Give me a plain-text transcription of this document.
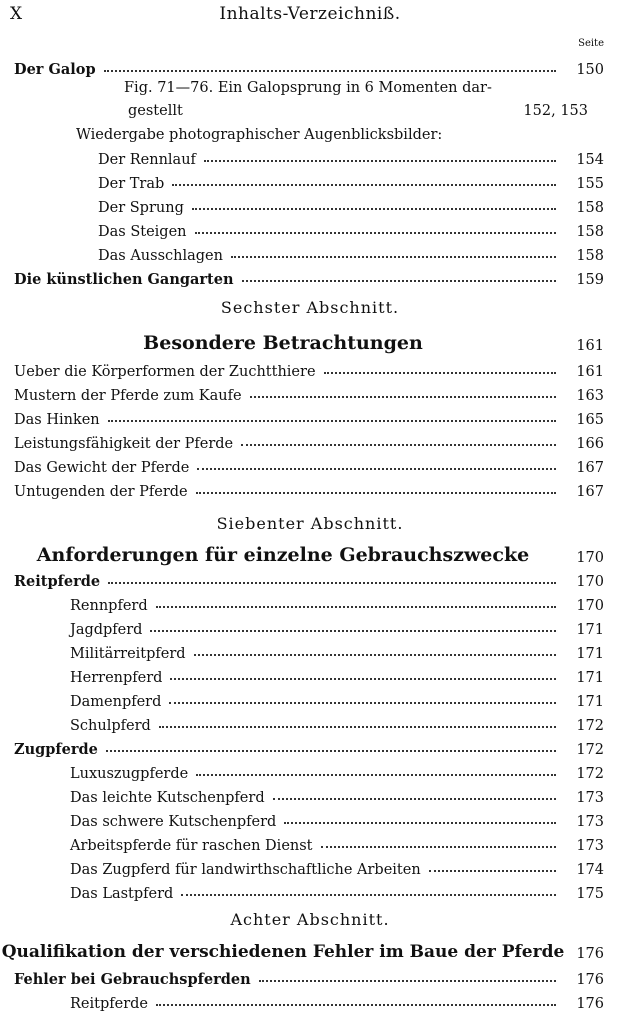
X	Inhalts-Verzeichniß.
Seite
Der Galop	150
Fig. 71—76. Ein Galopsprung in 6 Momenten dar-
gestellt	152, 153
Wiedergabe photographischer Augenblicksbilder:
Der Rennlauf	154
Der Trab	155
Der Sprung	158
Das Steigen	158
Das Ausschlagen	158
Die künstlichen Gangarten	159
Sechster Abschnitt.
Besondere Betrachtungen	161
Ueber die Körperformen der Zuchtthiere	161
Mustern der Pferde zum Kaufe	163
Das Hinken	165
Leistungsfähigkeit der Pferde	166
Das Gewicht der Pferde	167
Untugenden der Pferde	167
Siebenter Abschnitt.
Anforderungen für einzelne Gebrauchszwecke	170
Reitpferde	170
Rennpferd	170
Jagdpferd	171
Militärreitpferd	171
Herrenpferd	171
Damenpferd	171
Schulpferd	172
Zugpferde	172
Luxuszugpferde	172
Das leichte Kutschenpferd	173
Das schwere Kutschenpferd	173
Arbeitspferde für raschen Dienst	173
Das Zugpferd für landwirthschaftliche Arbeiten	174
Das Lastpferd	175
Achter Abschnitt.
Qualifikation der verschiedenen Fehler im Baue der Pferde 176
Fehler bei Gebrauchspferden	176
Reitpferde	176
